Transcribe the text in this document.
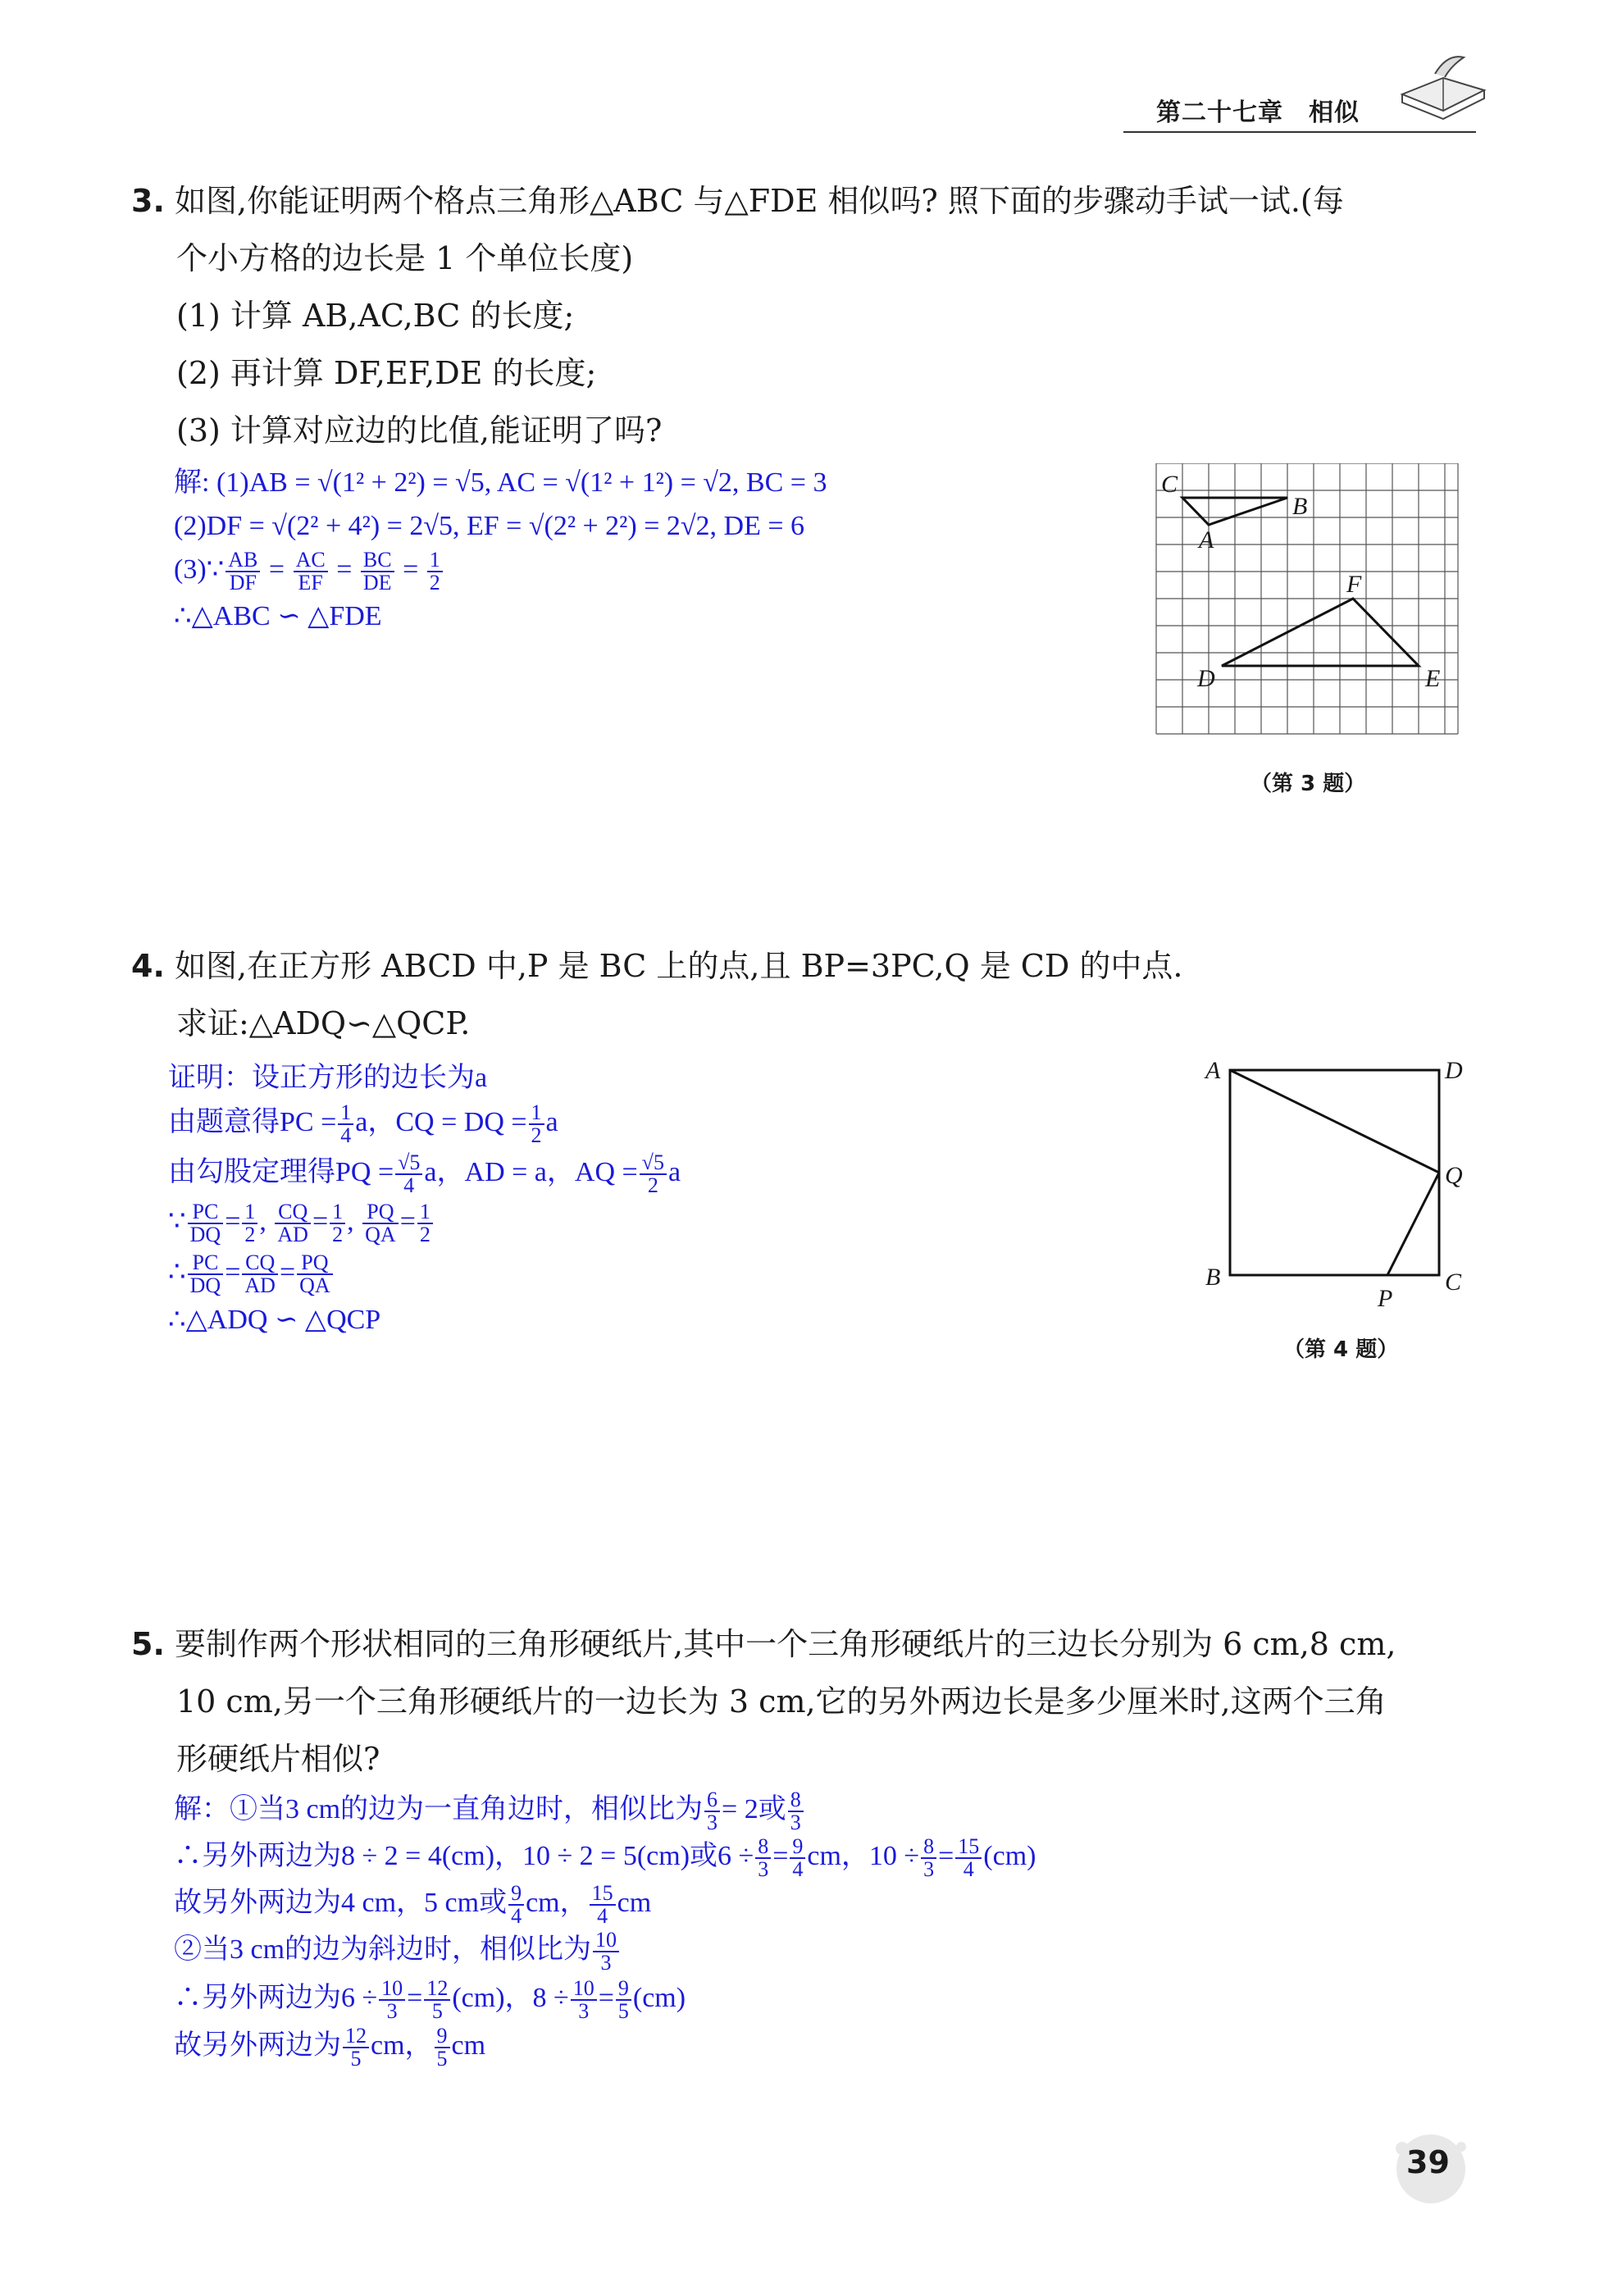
第二十七章　相似
3. 如图,你能证明两个格点三角形△ABC 与△FDE 相似吗? 照下面的步骤动手试一试.(每
个小方格的边长是 1 个单位长度)
(1) 计算 AB,AC,BC 的长度;
(2) 再计算 DF,EF,DE 的长度;
(3) 计算对应边的比值,能证明了吗?
解: (1)AB = √(1² + 2²) = √5, AC = √(1² + 1²) = √2, BC = 3
(2)DF = √(2² + 4²) = 2√5, EF = √(2² + 2²) = 2√2, DE = 6
(3)∵ $\frac{AB}{DF} = \frac{AC}{EF} = \frac{BC}{DE} = \frac{1}{2}$
∴△ABC ∽ △FDE
C
A
B
F
D	E
（第 3 题）
4. 如图,在正方形 ABCD 中,P 是 BC 上的点,且 BP=3PC,Q 是 CD 的中点.
求证:△ADQ∽△QCP.
证明：设正方形的边长为a
由题意得PC = $\frac{1}{4}$ a，CQ = DQ = $\frac{1}{2}$ a
由勾股定理得PQ = $\frac{√5}{4}$ a，AD = a，AQ = $\frac{√5}{2}$ a
∵ $\frac{PC}{DQ} = \frac{1}{2}$ , $\frac{CQ}{AD} = \frac{1}{2}$ , $\frac{PQ}{QA} = \frac{1}{2}$
∴ $\frac{PC}{DQ} = \frac{CQ}{AD} = \frac{PQ}{QA}$
∴△ADQ ∽ △QCP
A	D
Q
B
P
C
（第 4 题）
5. 要制作两个形状相同的三角形硬纸片,其中一个三角形硬纸片的三边长分别为 6 cm,8 cm,
10 cm,另一个三角形硬纸片的一边长为 3 cm,它的另外两边长是多少厘米时,这两个三角
形硬纸片相似?
解：①当3 cm的边为一直角边时，相似比为 $\frac{6}{3} = 2$或 $\frac{8}{3}$
∴另外两边为8 ÷ 2 = 4(cm)，10 ÷ 2 = 5(cm)或$6 \div \frac{8}{3} = \frac{9}{4}$ cm，$10 \div \frac{8}{3} = \frac{15}{4} (cm)$
故另外两边为4 cm，5 cm或 $\frac{9}{4}$ cm， $\frac{15}{4}$ cm
②当3 cm的边为斜边时，相似比为 $\frac{10}{3}$
∴另外两边为$6 \div \frac{10}{3} = \frac{12}{5} (cm)$，$8 \div \frac{10}{3} = \frac{9}{5} (cm)$
故另外两边为 $\frac{12}{5}$ cm， $\frac{9}{5}$ cm
39
